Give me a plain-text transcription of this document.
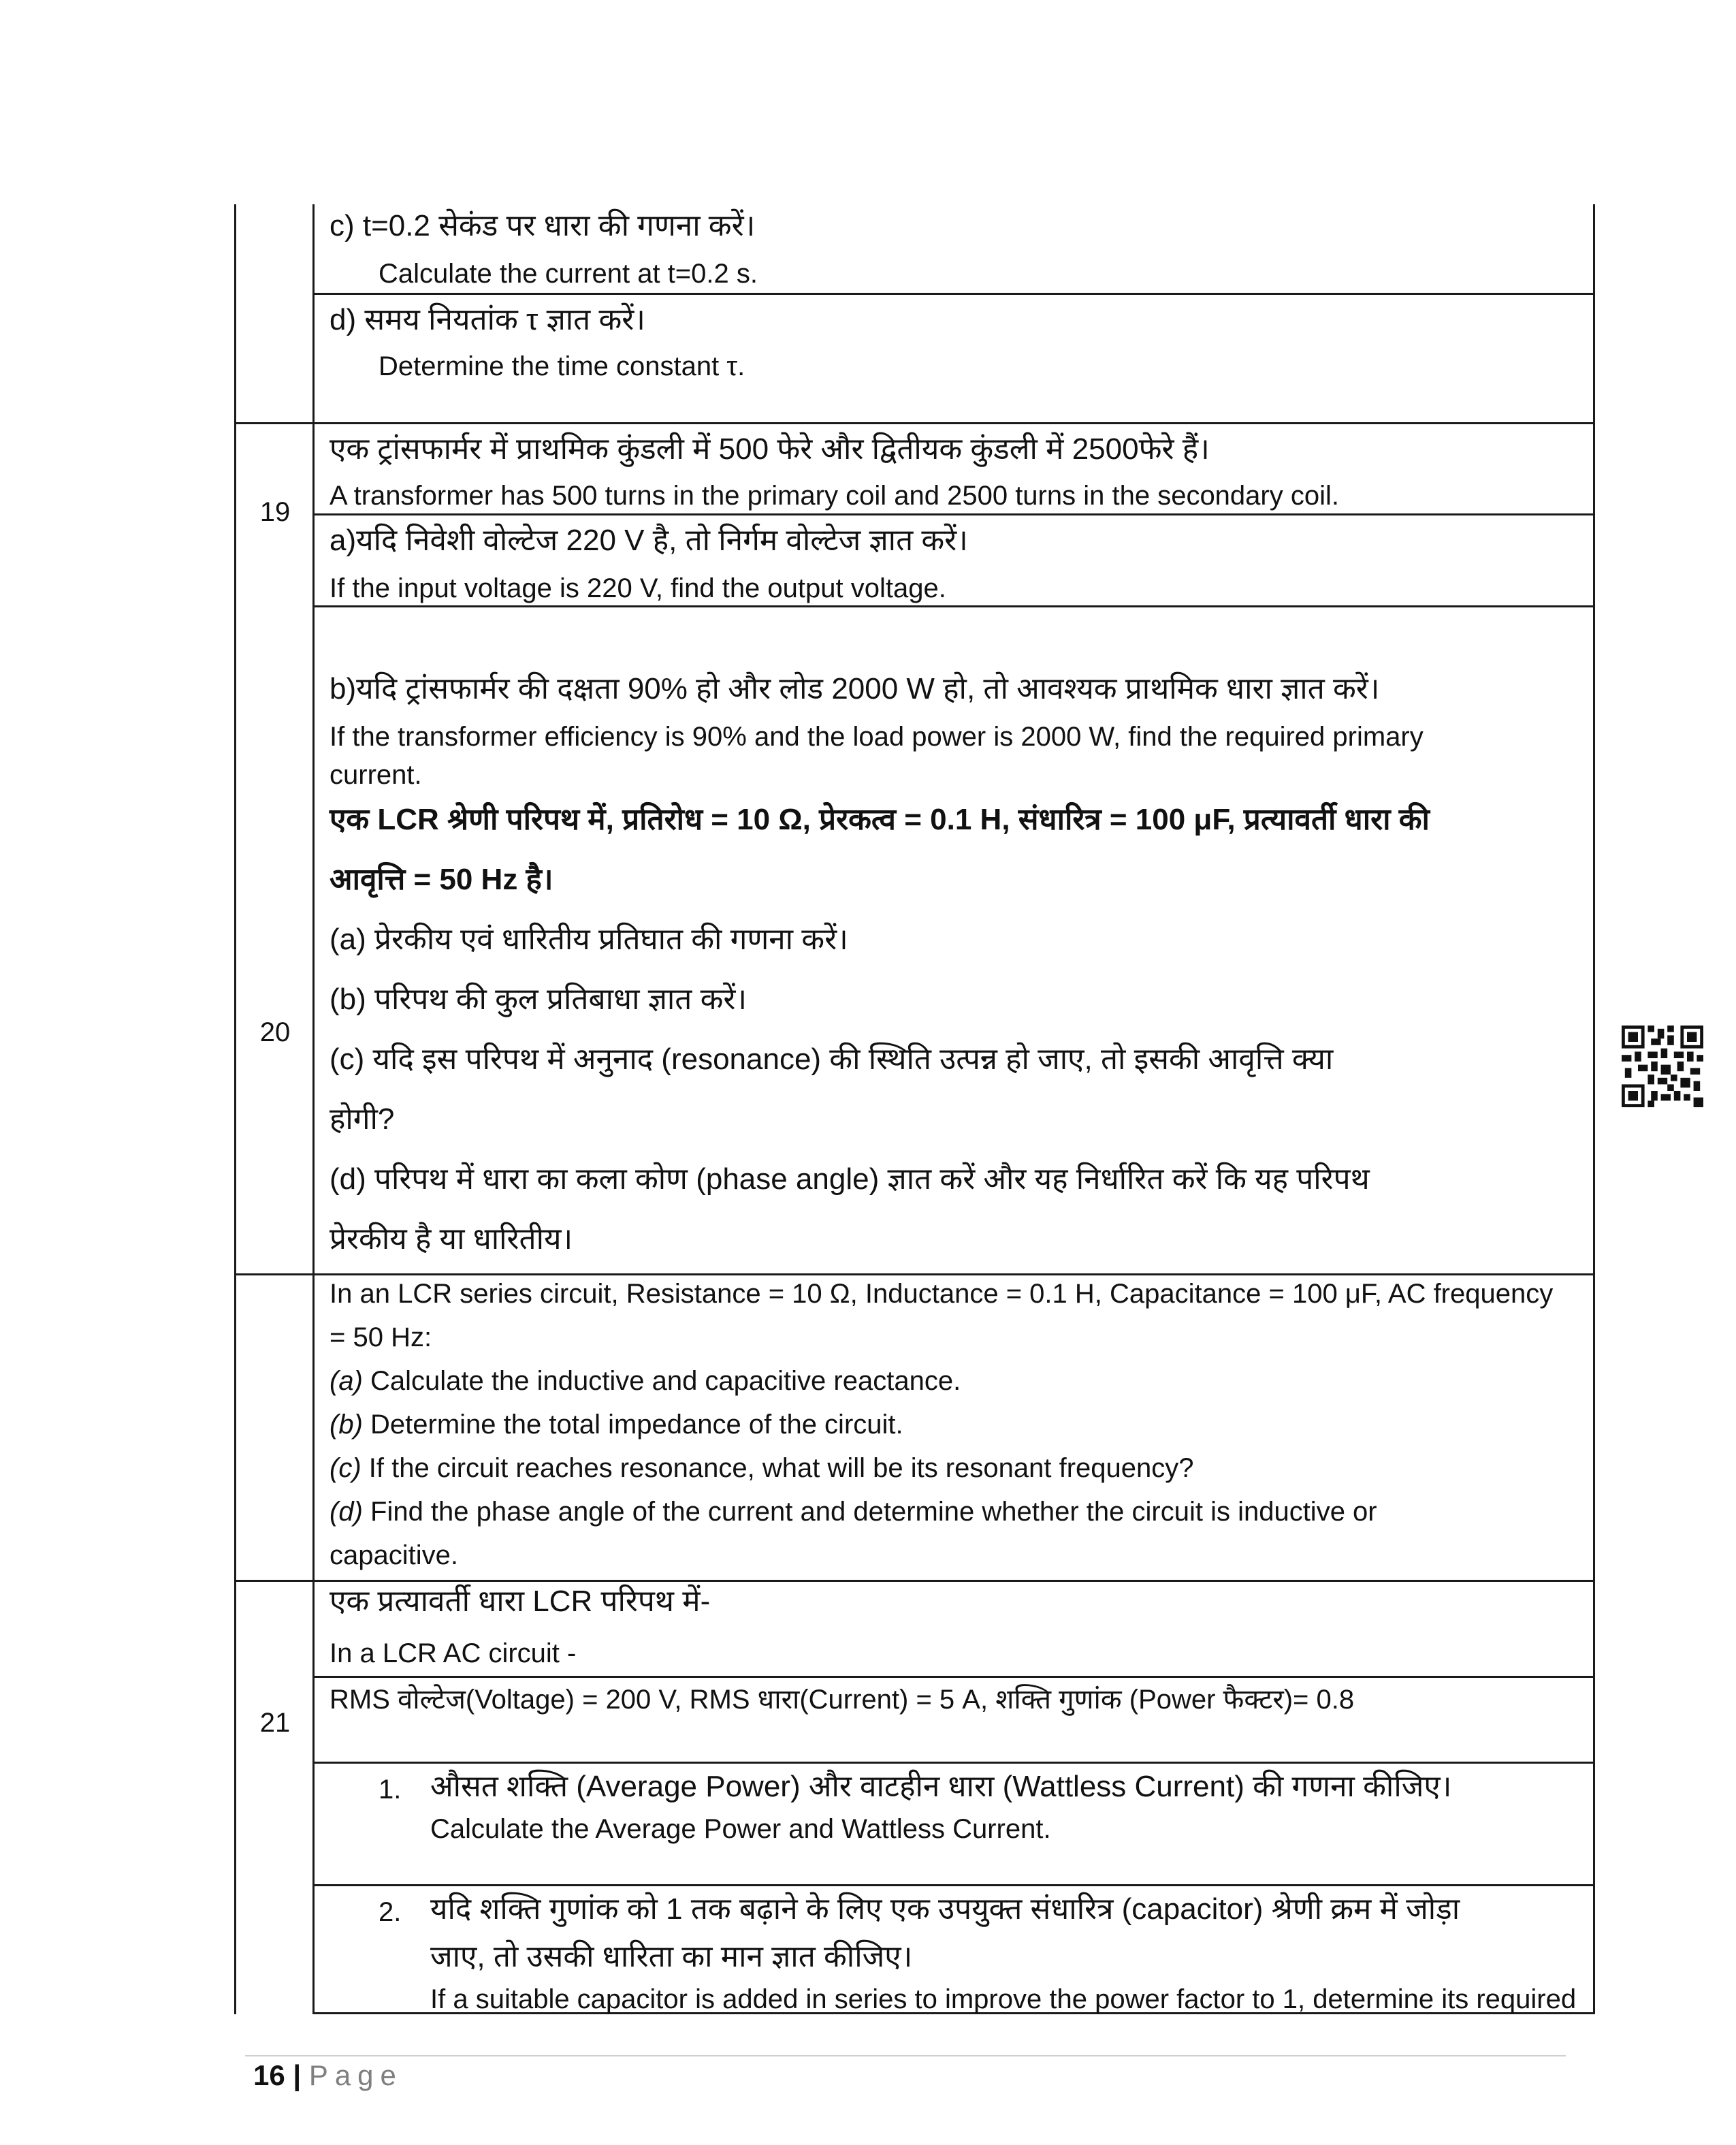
c) t=0.2 सेकंड पर धारा की गणना करें।
Calculate the current at t=0.2 s.
d) समय नियतांक τ ज्ञात करें।
Determine the time constant τ.
19
एक ट्रांसफार्मर में प्राथमिक कुंडली में 500 फेरे और द्वितीयक कुंडली में 2500फेरे हैं।
A transformer has 500 turns in the primary coil and 2500 turns in the secondary coil.
a)यदि निवेशी वोल्टेज 220 V है, तो निर्गम वोल्टेज ज्ञात करें।
If the input voltage is 220 V, find the output voltage.
b)यदि ट्रांसफार्मर की दक्षता 90% हो और लोड 2000 W हो, तो आवश्यक प्राथमिक धारा ज्ञात करें।
If the transformer efficiency is 90% and the load power is 2000 W, find the required primary
current.
20
एक LCR श्रेणी परिपथ में, प्रतिरोध = 10 Ω, प्रेरकत्व = 0.1 H, संधारित्र = 100 μF, प्रत्यावर्ती धारा की
आवृत्ति = 50 Hz है।
(a) प्रेरकीय एवं धारितीय प्रतिघात की गणना करें।
(b) परिपथ की कुल प्रतिबाधा ज्ञात करें।
(c) यदि इस परिपथ में अनुनाद (resonance) की स्थिति उत्पन्न हो जाए, तो इसकी आवृत्ति क्या
होगी?
(d) परिपथ में धारा का कला कोण (phase angle) ज्ञात करें और यह निर्धारित करें कि यह परिपथ
प्रेरकीय है या धारितीय।
In an LCR series circuit, Resistance = 10 Ω, Inductance = 0.1 H, Capacitance = 100 μF, AC frequency
= 50 Hz:
(a) Calculate the inductive and capacitive reactance.
(b) Determine the total impedance of the circuit.
(c) If the circuit reaches resonance, what will be its resonant frequency?
(d) Find the phase angle of the current and determine whether the circuit is inductive or
capacitive.
21
एक प्रत्यावर्ती धारा LCR परिपथ में-
In a LCR AC circuit -
RMS वोल्टेज(Voltage) = 200 V, RMS धारा(Current) = 5 A, शक्ति गुणांक (Power फैक्टर)= 0.8
1. औसत शक्ति (Average Power) और वाटहीन धारा (Wattless Current) की गणना कीजिए।
Calculate the Average Power and Wattless Current.
2. यदि शक्ति गुणांक को 1 तक बढ़ाने के लिए एक उपयुक्त संधारित्र (capacitor) श्रेणी क्रम में जोड़ा
जाए, तो उसकी धारिता का मान ज्ञात कीजिए।
If a suitable capacitor is added in series to improve the power factor to 1, determine its required
16 | Page
